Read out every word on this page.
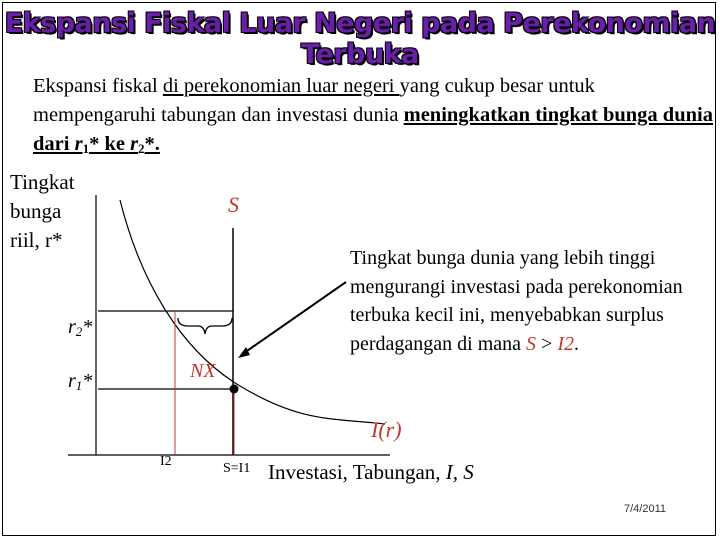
Ekspansi Fiskal Luar Negeri pada Perekonomian Terbuka
Ekspansi fiskal di perekonomian luar negeri yang cukup besar untuk mempengaruhi tabungan dan investasi dunia meningkatkan tingkat bunga dunia dari $r_1*$ ke $r_2*$.
Tingkat
bunga
riil, r*
S
$r_2*$
$r_1*$	NX
I(r)
I2	S=I1 Investasi, Tabungan, I, S
Tingkat bunga dunia yang lebih tinggi mengurangi investasi pada perekonomian terbuka kecil ini, menyebabkan surplus perdagangan di mana S > I2.
7/4/2011
